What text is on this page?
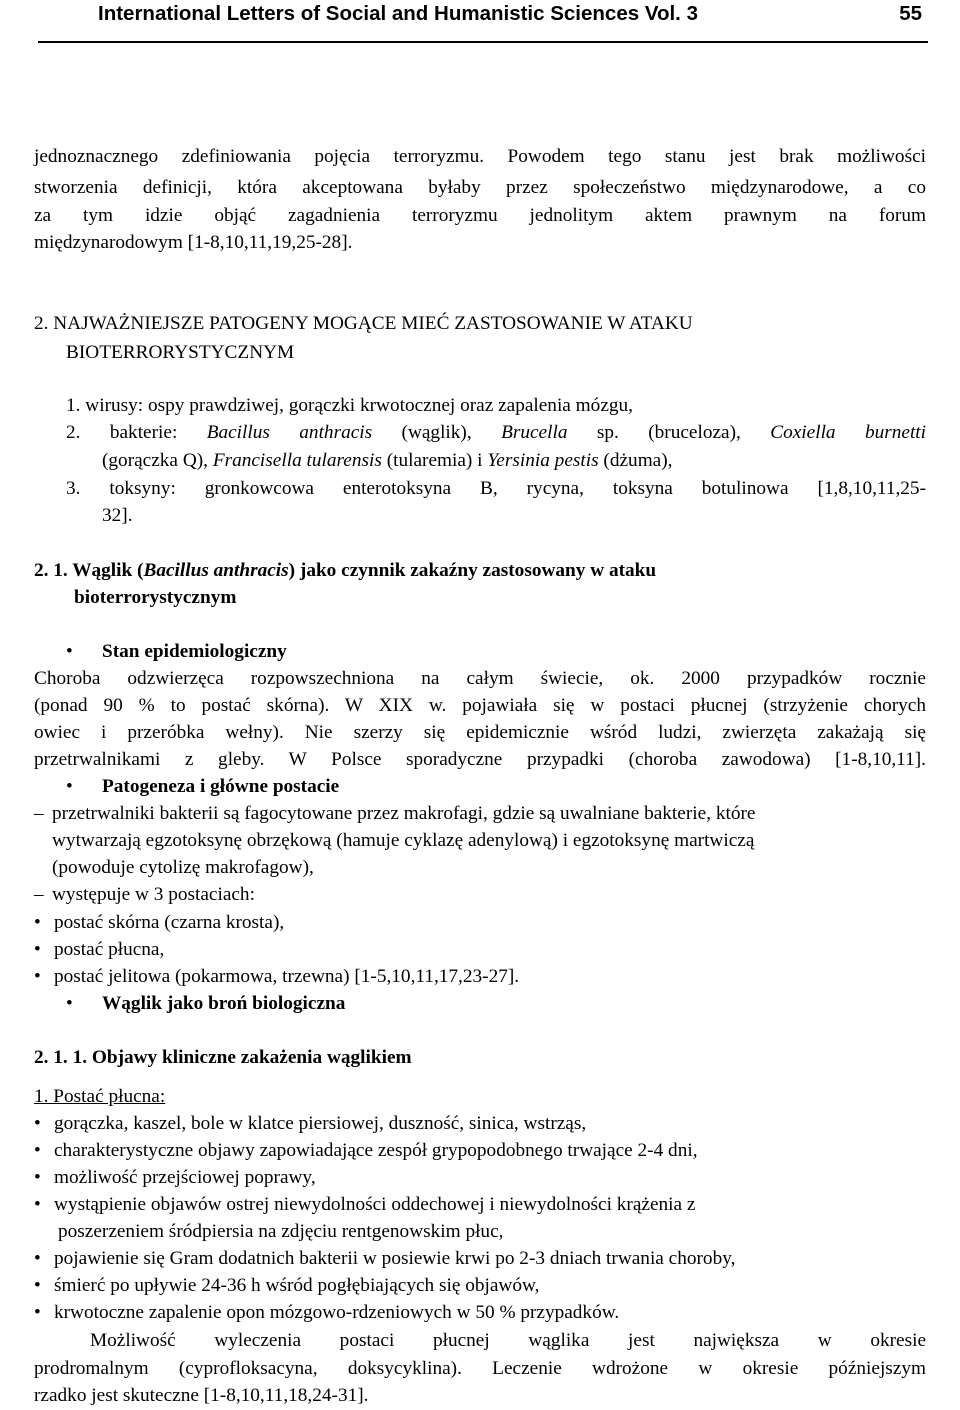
International Letters of Social and Humanistic Sciences Vol. 3	55
jednoznacznego zdefiniowania pojęcia terroryzmu. Powodem tego stanu jest brak możliwości
stworzenia definicji, która akceptowana byłaby przez społeczeństwo międzynarodowe, a co
za tym idzie objąć zagadnienia terroryzmu jednolitym aktem prawnym na forum
międzynarodowym [1-8,10,11,19,25-28].
2. NAJWAŻNIEJSZE PATOGENY MOGĄCE MIEĆ ZASTOSOWANIE W ATAKU
BIOTERRORYSTYCZNYM
1. wirusy: ospy prawdziwej, gorączki krwotocznej oraz zapalenia mózgu,
2. bakterie: Bacillus anthracis (wąglik), Brucella sp. (bruceloza), Coxiella burnetti
(gorączka Q), Francisella tularensis (tularemia) i Yersinia pestis (dżuma),
3. toksyny: gronkowcowa enterotoksyna B, rycyna, toksyna botulinowa [1,8,10,11,25-
32].
2. 1. Wąglik (Bacillus anthracis) jako czynnik zakaźny zastosowany w ataku
bioterrorystycznym
• Stan epidemiologiczny
Choroba odzwierzęca rozpowszechniona na całym świecie, ok. 2000 przypadków rocznie
(ponad 90 % to postać skórna). W XIX w. pojawiała się w postaci płucnej (strzyżenie chorych
owiec i przeróbka wełny). Nie szerzy się epidemicznie wśród ludzi, zwierzęta zakażają się
przetrwalnikami z gleby. W Polsce sporadyczne przypadki (choroba zawodowa) [1-8,10,11].
• Patogeneza i główne postacie
– przetrwalniki bakterii są fagocytowane przez makrofagi, gdzie są uwalniane bakterie, które
wytwarzają egzotoksynę obrzękową (hamuje cyklazę adenylową) i egzotoksynę martwiczą
(powoduje cytolizę makrofagow),
– występuje w 3 postaciach:
• postać skórna (czarna krosta),
• postać płucna,
• postać jelitowa (pokarmowa, trzewna) [1-5,10,11,17,23-27].
• Wąglik jako broń biologiczna
2. 1. 1. Objawy kliniczne zakażenia wąglikiem
1. Postać płucna:
• gorączka, kaszel, bole w klatce piersiowej, duszność, sinica, wstrząs,
• charakterystyczne objawy zapowiadające zespół grypopodobnego trwające 2-4 dni,
• możliwość przejściowej poprawy,
• wystąpienie objawów ostrej niewydolności oddechowej i niewydolności krążenia z
poszerzeniem śródpiersia na zdjęciu rentgenowskim płuc,
• pojawienie się Gram dodatnich bakterii w posiewie krwi po 2-3 dniach trwania choroby,
• śmierć po upływie 24-36 h wśród pogłębiających się objawów,
• krwotoczne zapalenie opon mózgowo-rdzeniowych w 50 % przypadków.
Możliwość wyleczenia postaci płucnej wąglika jest największa w okresie
prodromalnym (cyprofloksacyna, doksycyklina). Leczenie wdrożone w okresie późniejszym
rzadko jest skuteczne [1-8,10,11,18,24-31].
